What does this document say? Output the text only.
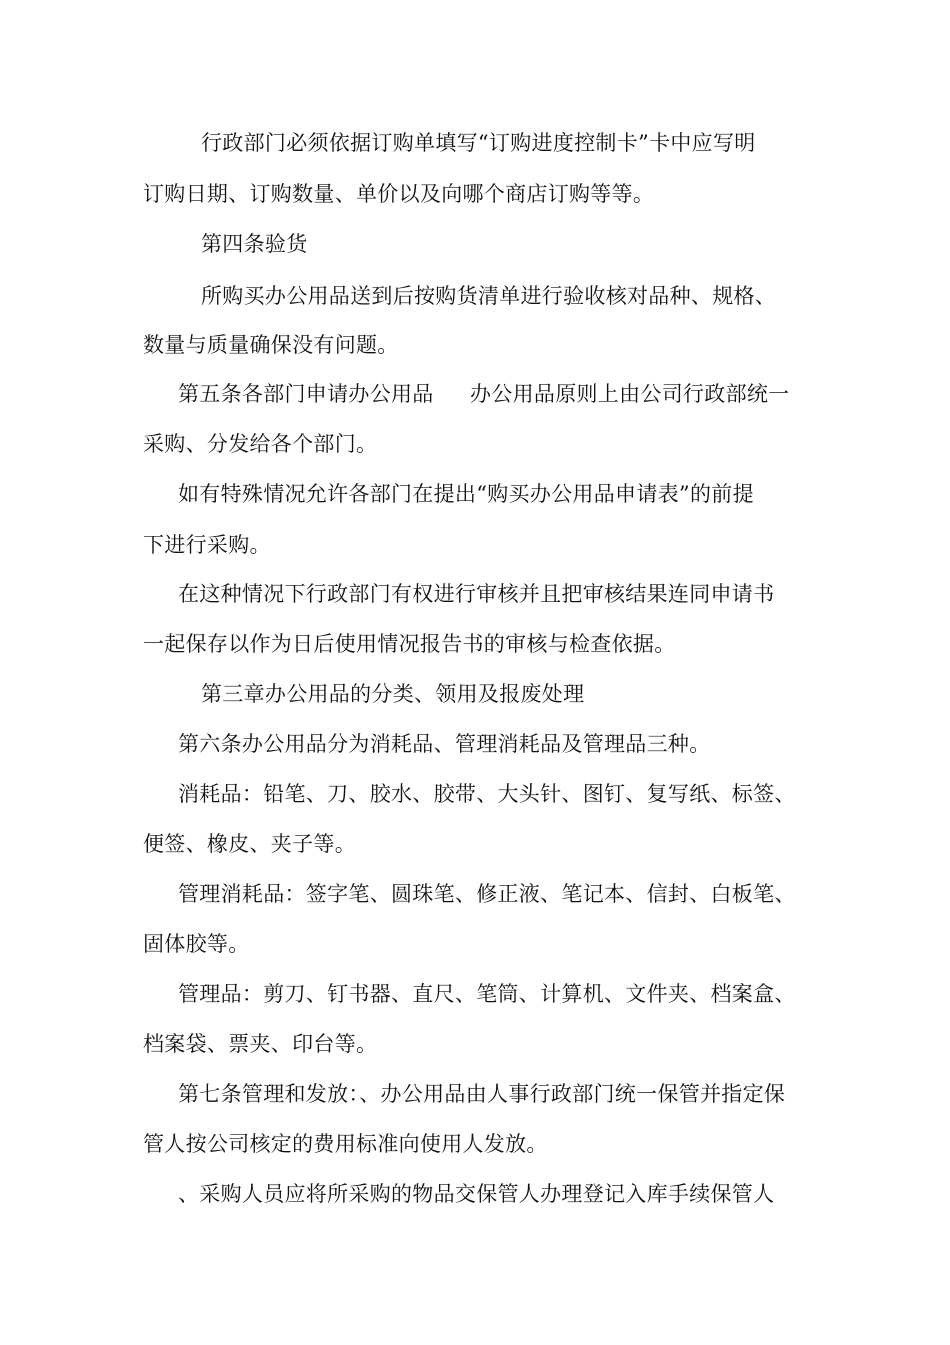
行政部门必须依据订购单填写“订购进度控制卡”卡中应写明
订购日期、订购数量、单价以及向哪个商店订购等等。
第四条验货
所购买办公用品送到后按购货清单进行验收核对品种、规格、
数量与质量确保没有问题。
第五条各部门申请办公用品 办公用品原则上由公司行政部统一
采购、分发给各个部门。
如有特殊情况允许各部门在提出“购买办公用品申请表”的前提
下进行采购。
在这种情况下行政部门有权进行审核并且把审核结果连同申请书
一起保存以作为日后使用情况报告书的审核与检查依据。
第三章办公用品的分类、领用及报废处理
第六条办公用品分为消耗品、管理消耗品及管理品三种。
消耗品：铅笔、刀、胶水、胶带、大头针、图钉、复写纸、标签、
便签、橡皮、夹子等。
管理消耗品：签字笔、圆珠笔、修正液、笔记本、信封、白板笔、
固体胶等。
管理品：剪刀、钉书器、直尺、笔筒、计算机、文件夹、档案盒、
档案袋、票夹、印台等。
第七条管理和发放：、办公用品由人事行政部门统一保管并指定保
管人按公司核定的费用标准向使用人发放。
、采购人员应将所采购的物品交保管人办理登记入库手续保管人
